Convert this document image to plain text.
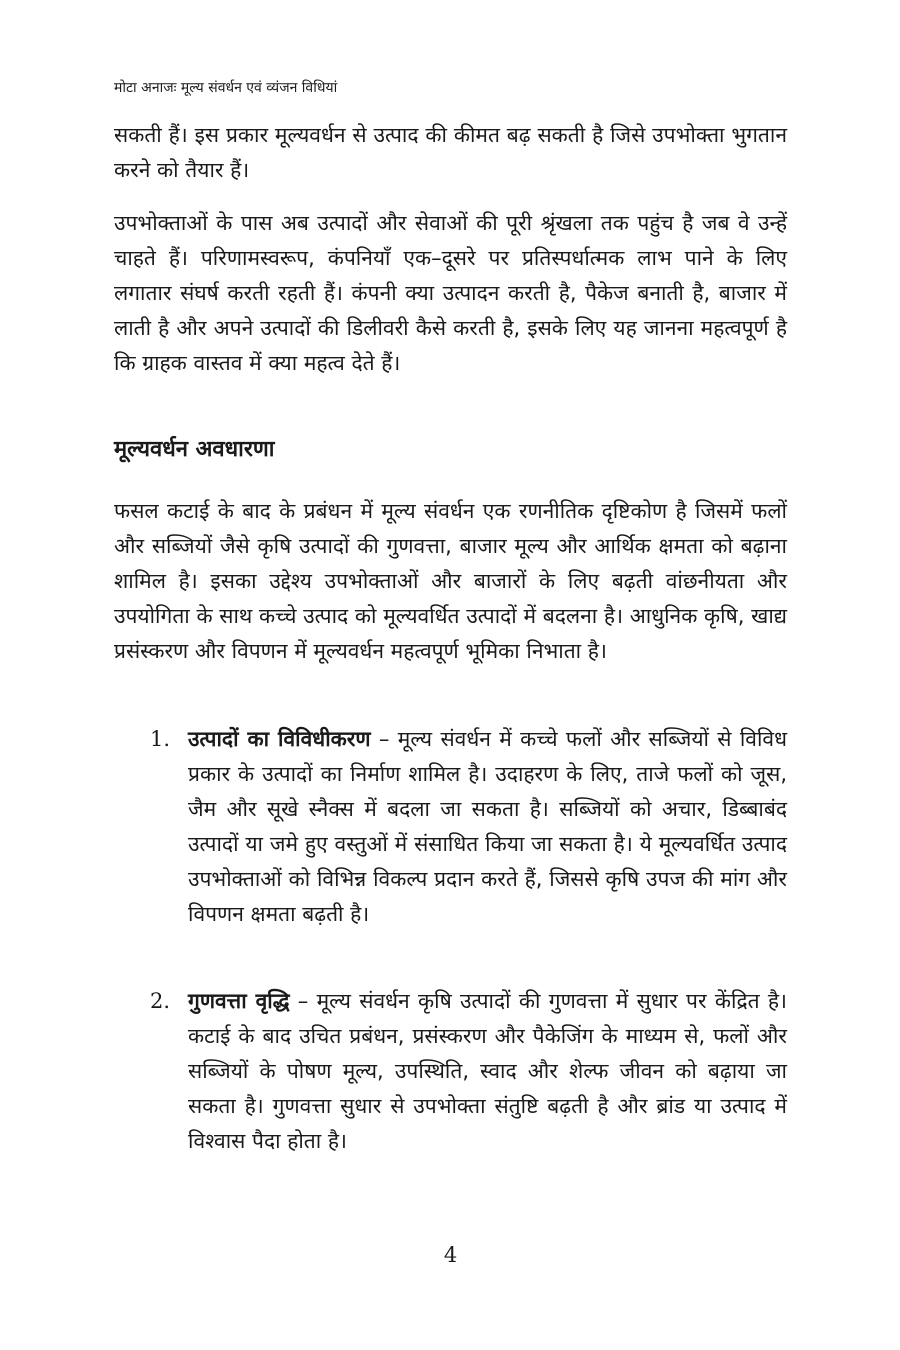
मोटा अनाजः मूल्य संवर्धन एवं व्यंजन विधियां

सकती हैं। इस प्रकार मूल्यवर्धन से उत्पाद की कीमत बढ़ सकती है जिसे उपभोक्ता भुगतान करने को तैयार हैं।

उपभोक्ताओं के पास अब उत्पादों और सेवाओं की पूरी श्रृंखला तक पहुंच है जब वे उन्हें चाहते हैं। परिणामस्वरूप, कंपनियाँ एक–दूसरे पर प्रतिस्पर्धात्मक लाभ पाने के लिए लगातार संघर्ष करती रहती हैं। कंपनी क्या उत्पादन करती है, पैकेज बनाती है, बाजार में लाती है और अपने उत्पादों की डिलीवरी कैसे करती है, इसके लिए यह जानना महत्वपूर्ण है कि ग्राहक वास्तव में क्या महत्व देते हैं।

मूल्यवर्धन अवधारणा

फसल कटाई के बाद के प्रबंधन में मूल्य संवर्धन एक रणनीतिक दृष्टिकोण है जिसमें फलों और सब्जियों जैसे कृषि उत्पादों की गुणवत्ता, बाजार मूल्य और आर्थिक क्षमता को बढ़ाना शामिल है। इसका उद्देश्य उपभोक्ताओं और बाजारों के लिए बढ़ती वांछनीयता और उपयोगिता के साथ कच्चे उत्पाद को मूल्यवर्धित उत्पादों में बदलना है। आधुनिक कृषि, खाद्य प्रसंस्करण और विपणन में मूल्यवर्धन महत्वपूर्ण भूमिका निभाता है।

1. उत्पादों का विविधीकरण – मूल्य संवर्धन में कच्चे फलों और सब्जियों से विविध प्रकार के उत्पादों का निर्माण शामिल है। उदाहरण के लिए, ताजे फलों को जूस, जैम और सूखे स्नैक्स में बदला जा सकता है। सब्जियों को अचार, डिब्बाबंद उत्पादों या जमे हुए वस्तुओं में संसाधित किया जा सकता है। ये मूल्यवर्धित उत्पाद उपभोक्ताओं को विभिन्न विकल्प प्रदान करते हैं, जिससे कृषि उपज की मांग और विपणन क्षमता बढ़ती है।
2. गुणवत्ता वृद्धि – मूल्य संवर्धन कृषि उत्पादों की गुणवत्ता में सुधार पर केंद्रित है। कटाई के बाद उचित प्रबंधन, प्रसंस्करण और पैकेजिंग के माध्यम से, फलों और सब्जियों के पोषण मूल्य, उपस्थिति, स्वाद और शेल्फ जीवन को बढ़ाया जा सकता है। गुणवत्ता सुधार से उपभोक्ता संतुष्टि बढ़ती है और ब्रांड या उत्पाद में विश्वास पैदा होता है।
4
